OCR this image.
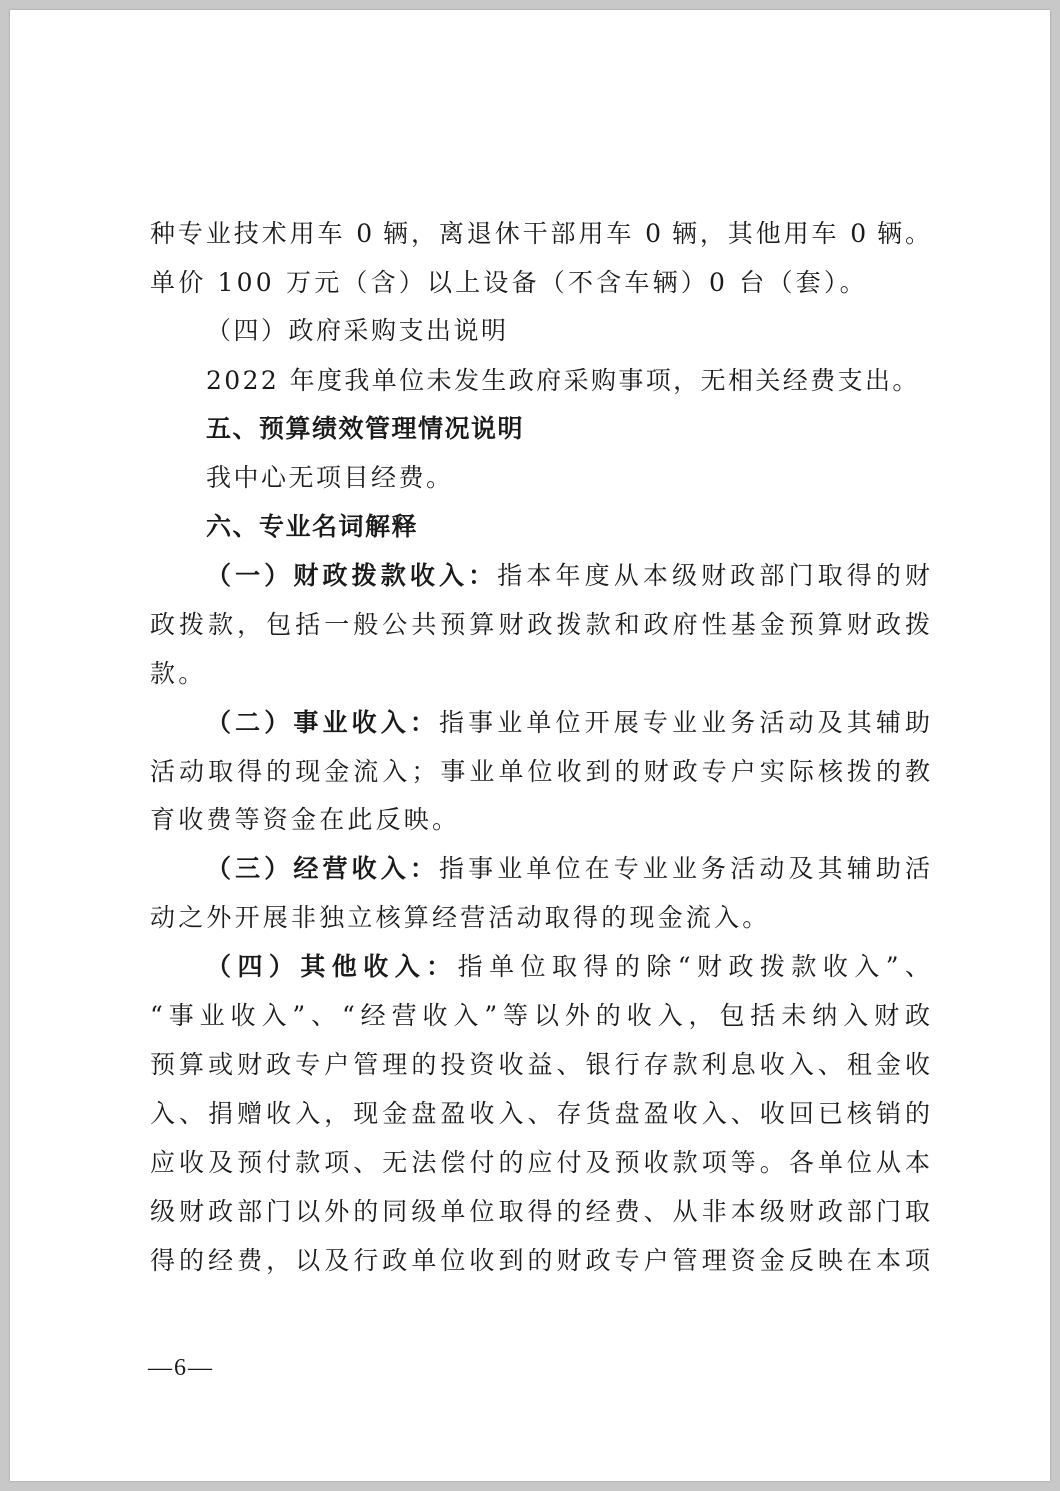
种专业技术用车 0 辆，离退休干部用车 0 辆，其他用车 0 辆。
单价 100 万元（含）以上设备（不含车辆）0 台（套）。
（四）政府采购支出说明
2022 年度我单位未发生政府采购事项，无相关经费支出。
五、预算绩效管理情况说明
我中心无项目经费。
六、专业名词解释
（一）财政拨款收入：指本年度从本级财政部门取得的财
政拨款，包括一般公共预算财政拨款和政府性基金预算财政拨
款。
（二）事业收入：指事业单位开展专业业务活动及其辅助
活动取得的现金流入；事业单位收到的财政专户实际核拨的教
育收费等资金在此反映。
（三）经营收入：指事业单位在专业业务活动及其辅助活
动之外开展非独立核算经营活动取得的现金流入。
（四）其他收入：指单位取得的除“财政拨款收入”、
“事业收入”、“经营收入”等以外的收入，包括未纳入财政
预算或财政专户管理的投资收益、银行存款利息收入、租金收
入、捐赠收入，现金盘盈收入、存货盘盈收入、收回已核销的
应收及预付款项、无法偿付的应付及预收款项等。各单位从本
级财政部门以外的同级单位取得的经费、从非本级财政部门取
得的经费，以及行政单位收到的财政专户管理资金反映在本项
—6—
